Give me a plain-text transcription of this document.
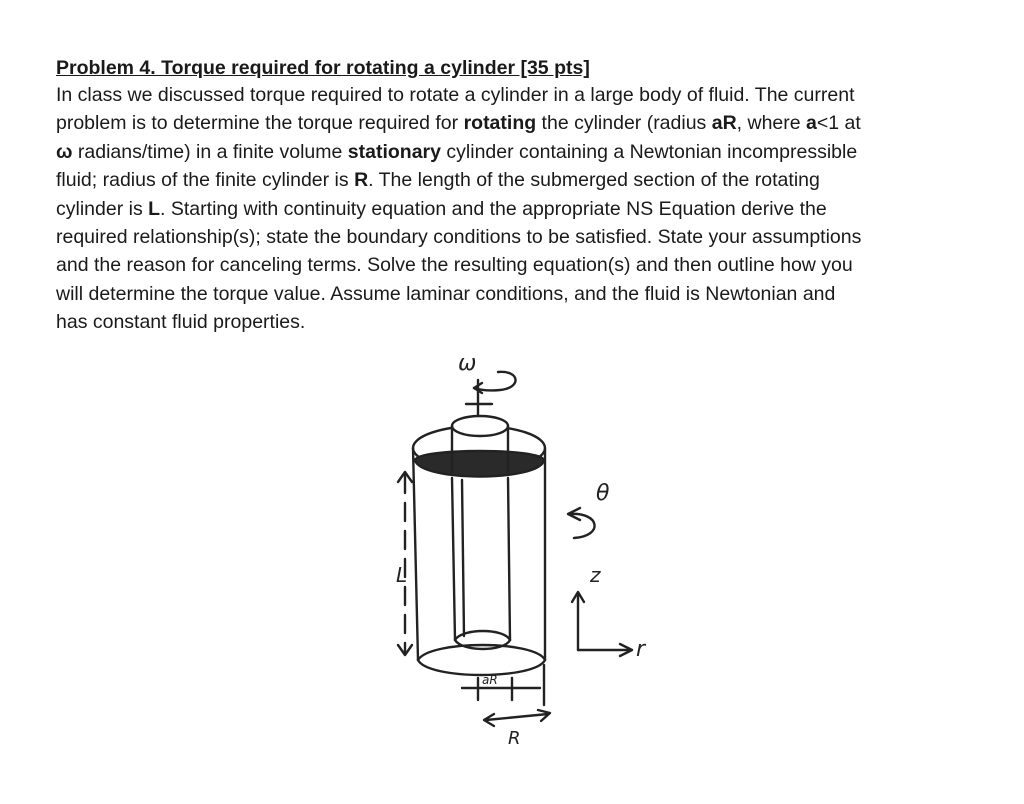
Problem 4. Torque required for rotating a cylinder [35 pts]
In class we discussed torque required to rotate a cylinder in a large body of fluid. The current
problem is to determine the torque required for rotating the cylinder (radius aR, where a<1 at
ω radians/time) in a finite volume stationary cylinder containing a Newtonian incompressible
fluid; radius of the finite cylinder is R. The length of the submerged section of the rotating
cylinder is L. Starting with continuity equation and the appropriate NS Equation derive the
required relationship(s); state the boundary conditions to be satisfied. State your assumptions
and the reason for canceling terms. Solve the resulting equation(s) and then outline how you
will determine the torque value. Assume laminar conditions, and the fluid is Newtonian and
has constant fluid properties.
ω
L
θ
z
r
aR
R
